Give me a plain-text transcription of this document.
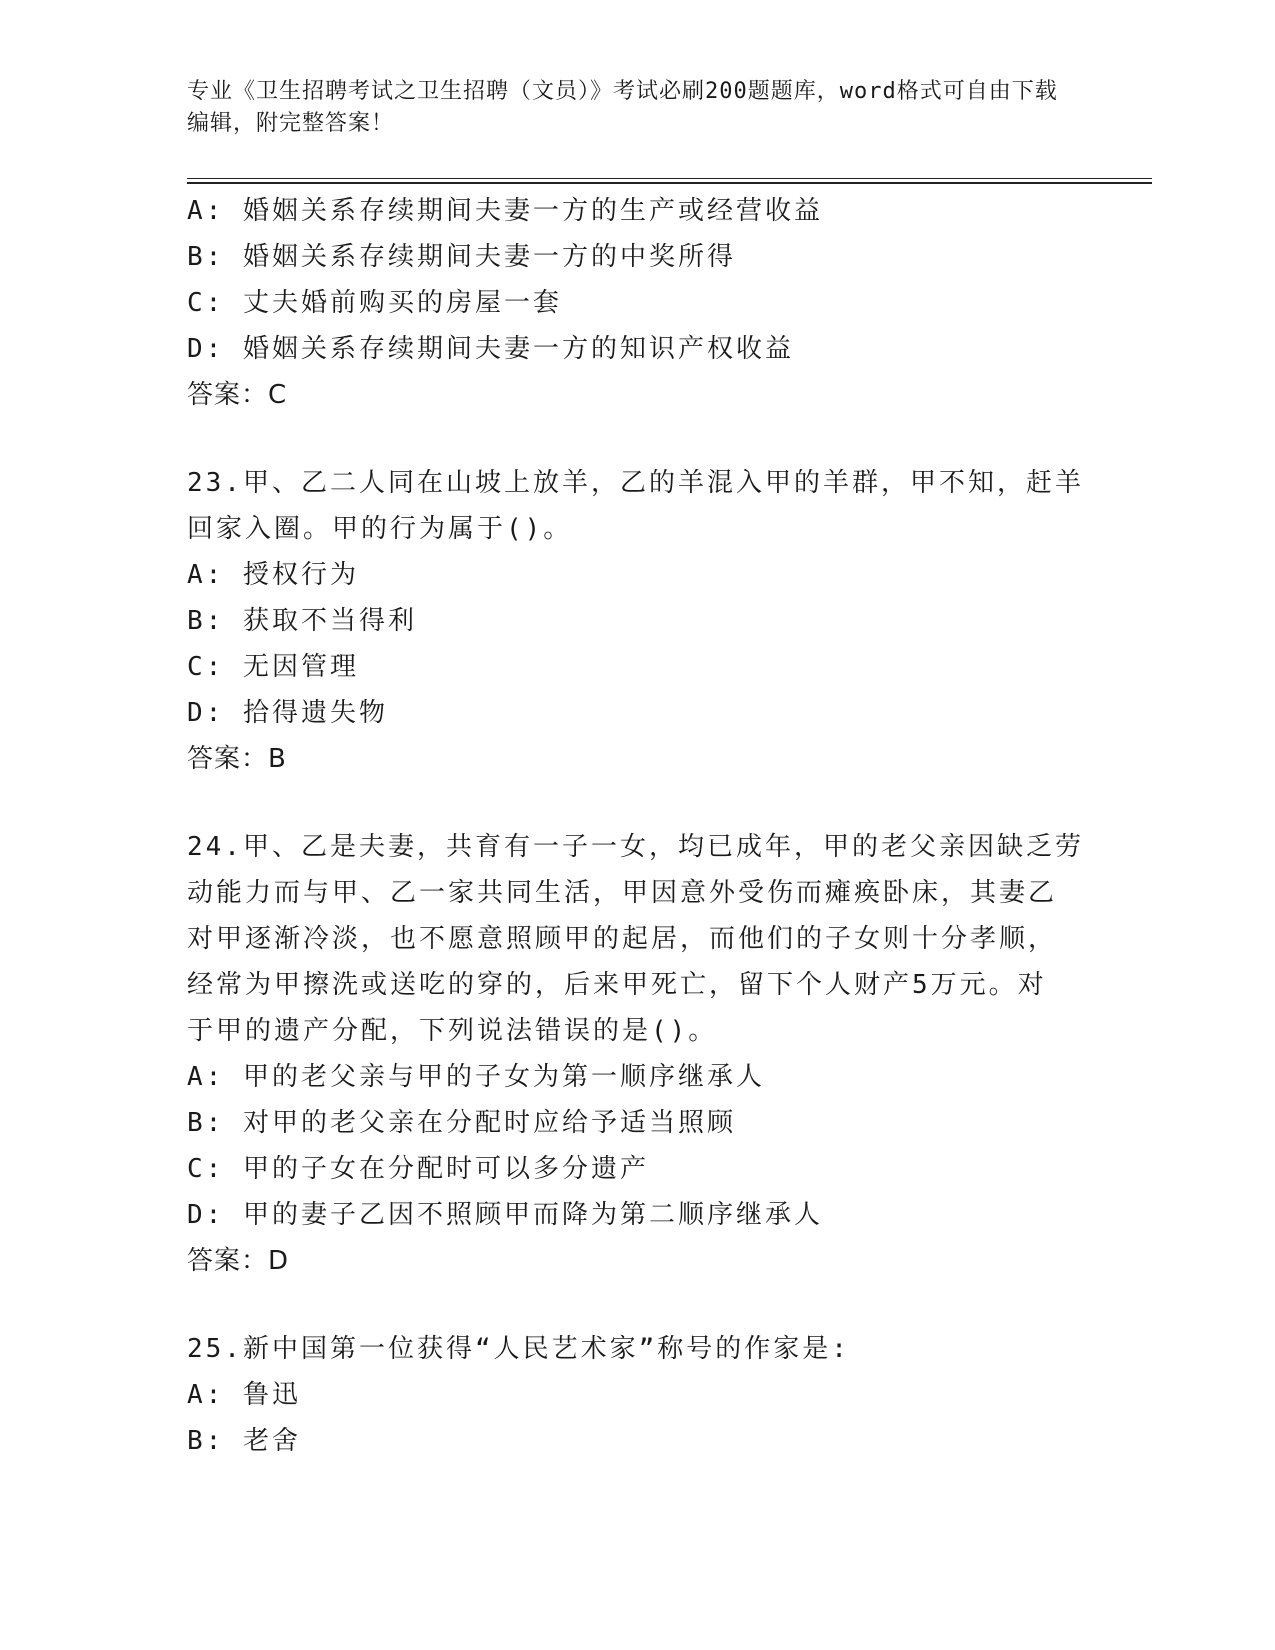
专业《卫生招聘考试之卫生招聘（文员）》考试必刷200题题库，word格式可自由下载编辑，附完整答案！
A: 婚姻关系存续期间夫妻一方的生产或经营收益
B: 婚姻关系存续期间夫妻一方的中奖所得
C: 丈夫婚前购买的房屋一套
D: 婚姻关系存续期间夫妻一方的知识产权收益
答案：C
23.甲、乙二人同在山坡上放羊，乙的羊混入甲的羊群，甲不知，赶羊
回家入圈。甲的行为属于()。
A: 授权行为
B: 获取不当得利
C: 无因管理
D: 拾得遗失物
答案：B
24.甲、乙是夫妻，共育有一子一女，均已成年，甲的老父亲因缺乏劳
动能力而与甲、乙一家共同生活，甲因意外受伤而瘫痪卧床，其妻乙
对甲逐渐冷淡，也不愿意照顾甲的起居，而他们的子女则十分孝顺，
经常为甲擦洗或送吃的穿的，后来甲死亡，留下个人财产5万元。对
于甲的遗产分配，下列说法错误的是()。
A: 甲的老父亲与甲的子女为第一顺序继承人
B: 对甲的老父亲在分配时应给予适当照顾
C: 甲的子女在分配时可以多分遗产
D: 甲的妻子乙因不照顾甲而降为第二顺序继承人
答案：D
25.新中国第一位获得“人民艺术家”称号的作家是:
A: 鲁迅
B: 老舍
